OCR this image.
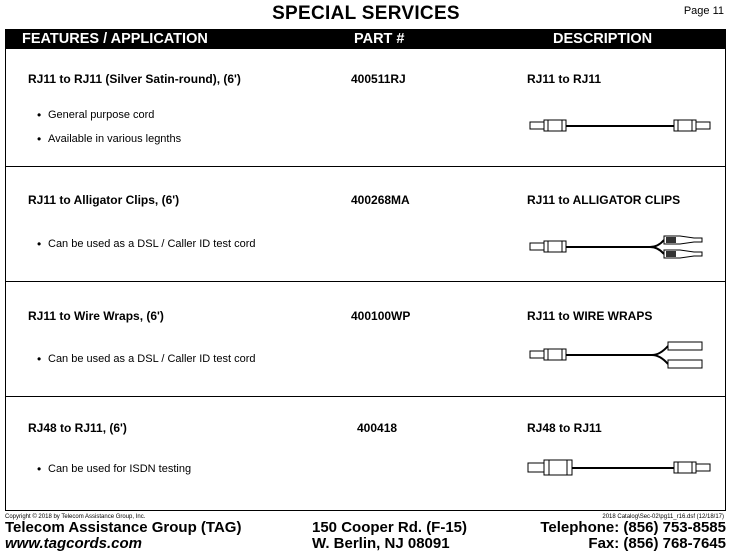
SPECIAL SERVICES	Page 11
FEATURES / APPLICATION	PART #	DESCRIPTION
RJ11 to RJ11 (Silver Satin-round), (6')	400511RJ	RJ11 to RJ11
• General purpose cord
• Available in various legnths
RJ11 to Alligator Clips, (6')	400268MA	RJ11 to ALLIGATOR CLIPS
• Can be used as a DSL / Caller ID test cord
RJ11 to Wire Wraps, (6')	400100WP	RJ11 to WIRE WRAPS
• Can be used as a DSL / Caller ID test cord
RJ48 to RJ11, (6')	400418	RJ48 to RJ11
• Can be used for ISDN testing
Copyright © 2018 by Telecom Assistance Group, Inc.	2018 Catalog\Sec-02\pg11_r16.dsf (12/18/17)
Telecom Assistance Group (TAG)
www.tagcords.com
150 Cooper Rd. (F-15)
W. Berlin, NJ 08091
Telephone: (856) 753-8585
Fax: (856) 768-7645
